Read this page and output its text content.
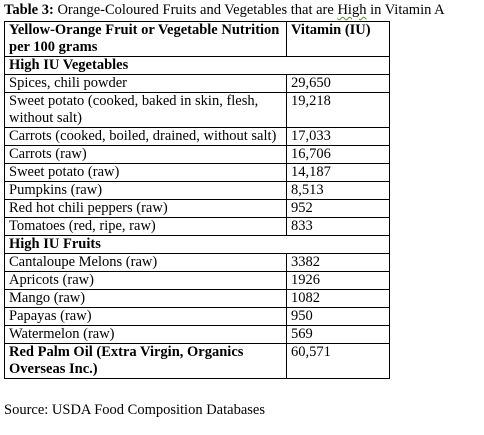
Table 3: Orange-Coloured Fruits and Vegetables that are High in Vitamin A
Yellow-Orange Fruit or Vegetable Nutrition per 100 grams	Vitamin (IU)
High IU Vegetables	
Spices, chili powder	29,650
Sweet potato (cooked, baked in skin, flesh, without salt)	19,218
Carrots (cooked, boiled, drained, without salt)	17,033
Carrots (raw)	16,706
Sweet potato (raw)	14,187
Pumpkins (raw)	8,513
Red hot chili peppers (raw)	952
Tomatoes (red, ripe, raw)	833
High IU Fruits	
Cantaloupe Melons (raw)	3382
Apricots (raw)	1926
Mango (raw)	1082
Papayas (raw)	950
Watermelon (raw)	569
Red Palm Oil (Extra Virgin, Organics Overseas Inc.)	60,571
Source: USDA Food Composition Databases
